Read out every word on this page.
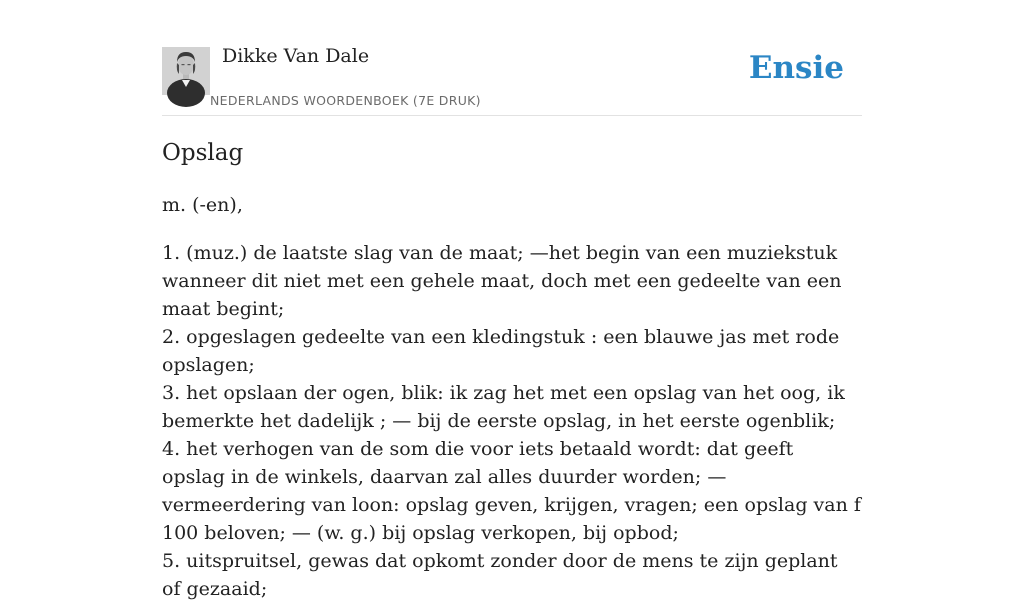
Dikke Van Dale
NEDERLANDS WOORDENBOEK (7E DRUK)
Ensie
Opslag

m. (-en),

1. (muz.) de laatste slag van de maat; —het begin van een muziekstuk wanneer dit niet met een gehele maat, doch met een gedeelte van een maat begint;
2. opgeslagen gedeelte van een kledingstuk : een blauwe jas met rode opslagen;
3. het opslaan der ogen, blik: ik zag het met een opslag van het oog, ik bemerkte het dadelijk ; — bij de eerste opslag, in het eerste ogenblik;
4. het verhogen van de som die voor iets betaald wordt: dat geeft opslag in de winkels, daarvan zal alles duurder worden; — vermeerdering van loon: opslag geven, krijgen, vragen; een opslag van f 100 beloven; — (w. g.) bij opslag verkopen, bij opbod;
5. uitspruitsel, gewas dat opkomt zonder door de mens te zijn geplant of gezaaid;
